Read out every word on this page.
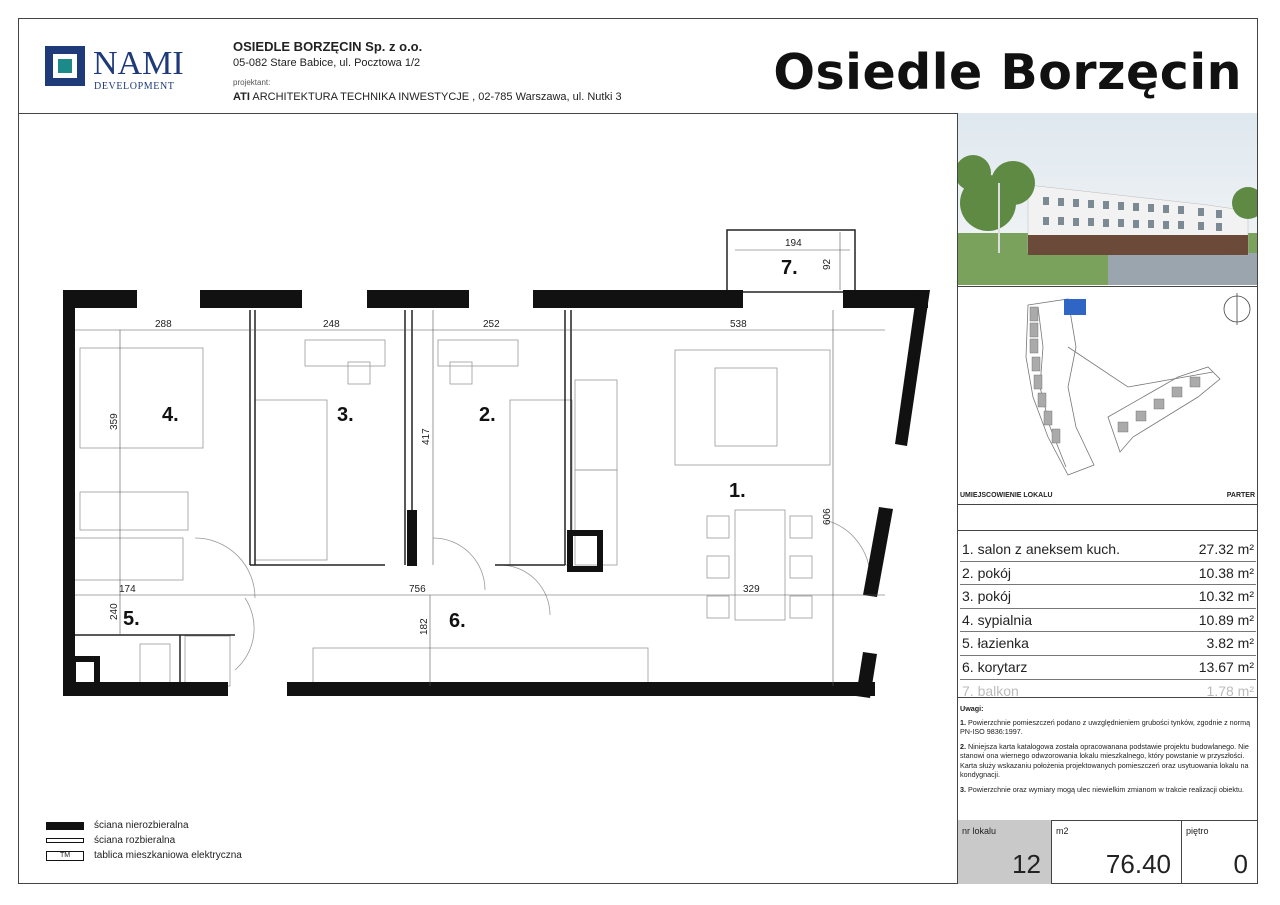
NAMI
DEVELOPMENT
OSIEDLE BORZĘCIN Sp. z o.o.
05-082 Stare Babice, ul. Pocztowa 1/2
projektant:
ATI ARCHITEKTURA TECHNIKA INWESTYCJE , 02-785 Warszawa, ul. Nutki 3	Osiedle Borzęcin
UMIEJSCOWIENIE LOKALU	PARTER
1. salon z aneksem kuch.	27.32 m²
2. pokój	10.38 m²
3. pokój	10.32 m²
4. sypialnia	10.89 m²
5. łazienka	3.82 m²
6. korytarz	13.67 m²
7. balkon	1.78 m²
Uwagi:

1. Powierzchnie pomieszczeń podano z uwzględnieniem grubości tynków, zgodnie z normą PN-ISO 9836:1997.

2. Niniejsza karta katalogowa została opracowanana podstawie projektu budowlanego. Nie stanowi ona wiernego odwzorowania lokalu mieszkalnego, który powstanie w przyszłości. Karta służy wskazaniu położenia projektowanych pomieszczeń oraz usytuowania lokalu na kondygnacji.

3. Powierzchnie oraz wymiary mogą ulec niewielkim zmianom w trakcie realizacji obiektu.

nr lokalu
12
m2
76.40
piętro
0
ściana nierozbieralna
ściana rozbieralna
TM	tablica mieszkaniowa elektryczna
4.	3.	2.
1.
5.	6.
7.
288	248	252	538
194
92
359
417
606
174	756	329
240
182
